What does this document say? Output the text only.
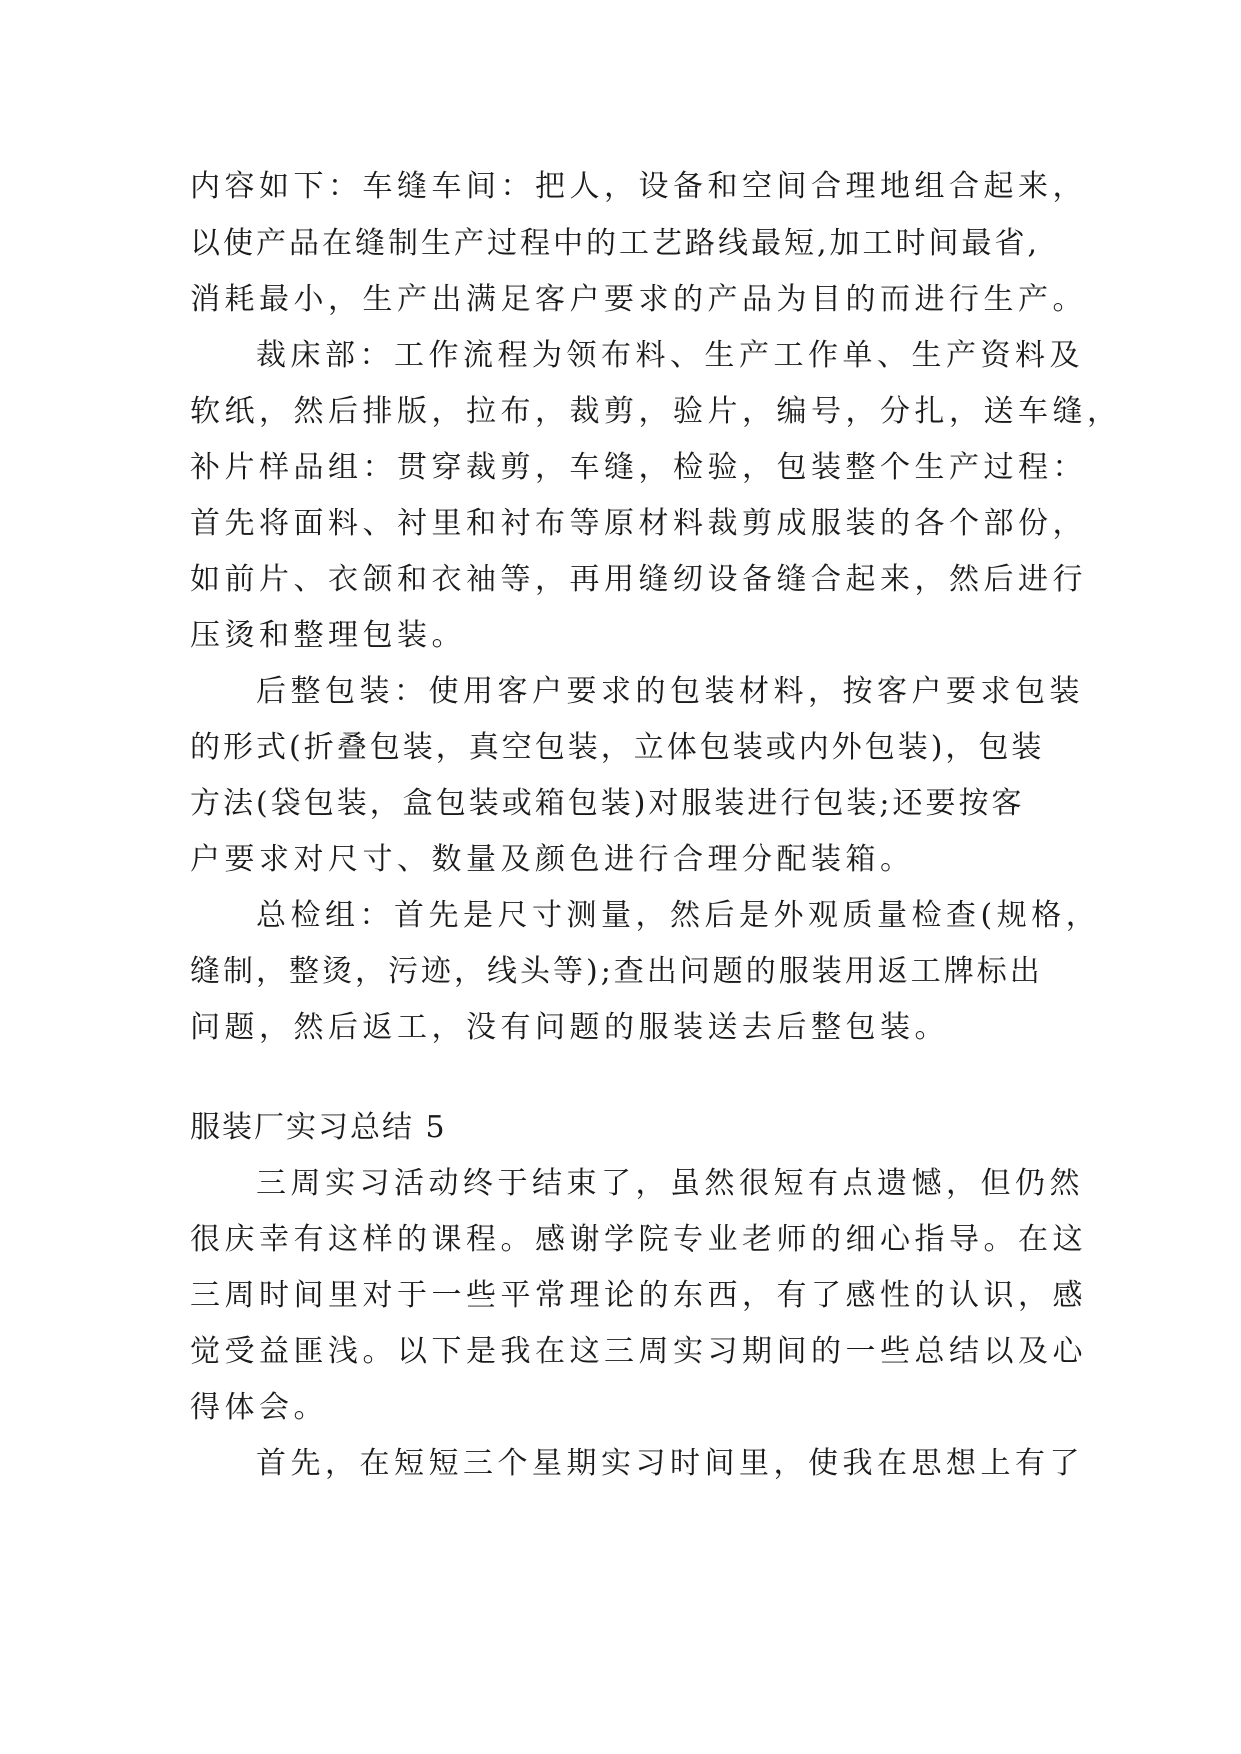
内容如下：车缝车间：把人，设备和空间合理地组合起来，
以使产品在缝制生产过程中的工艺路线最短,加工时间最省,
消耗最小，生产出满足客户要求的产品为目的而进行生产。
裁床部：工作流程为领布料、生产工作单、生产资料及
软纸，然后排版，拉布，裁剪，验片，编号，分扎，送车缝，
补片样品组：贯穿裁剪，车缝，检验，包装整个生产过程：
首先将面料、衬里和衬布等原材料裁剪成服装的各个部份，
如前片、衣颌和衣袖等，再用缝纫设备缝合起来，然后进行
压烫和整理包装。
后整包装：使用客户要求的包装材料，按客户要求包装
的形式(折叠包装，真空包装，立体包装或内外包装)，包装
方法(袋包装，盒包装或箱包装)对服装进行包装;还要按客
户要求对尺寸、数量及颜色进行合理分配装箱。
总检组：首先是尺寸测量，然后是外观质量检查(规格，
缝制，整烫，污迹，线头等);查出问题的服装用返工牌标出
问题，然后返工，没有问题的服装送去后整包装。
服装厂实习总结 5
三周实习活动终于结束了，虽然很短有点遗憾，但仍然
很庆幸有这样的课程。感谢学院专业老师的细心指导。在这
三周时间里对于一些平常理论的东西，有了感性的认识，感
觉受益匪浅。以下是我在这三周实习期间的一些总结以及心
得体会。
首先，在短短三个星期实习时间里，使我在思想上有了
